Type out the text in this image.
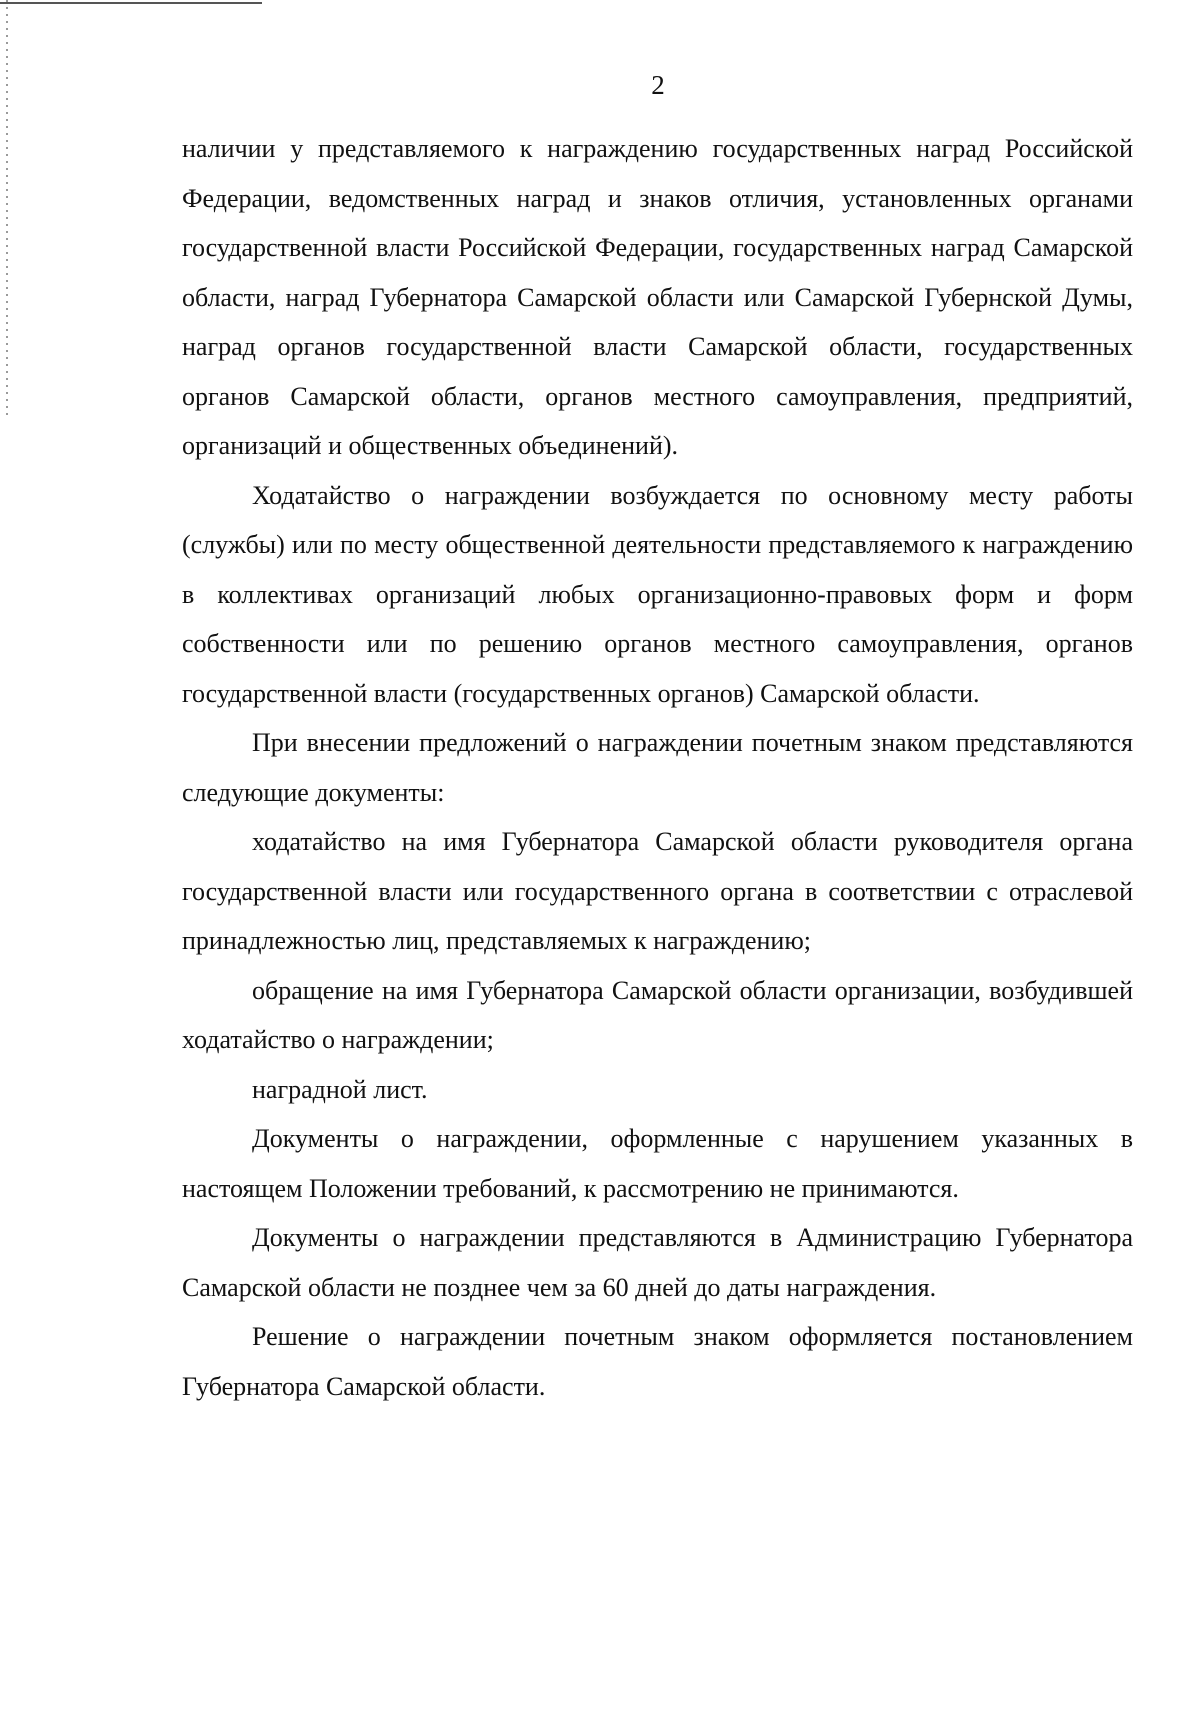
2

наличии у представляемого к награждению государственных наград Российской Федерации, ведомственных наград и знаков отличия, установленных органами государственной власти Российской Федерации, государственных наград Самарской области, наград Губернатора Самарской области или Самарской Губернской Думы, наград органов государственной власти Самарской области, государственных органов Самарской области, органов местного самоуправления, предприятий, организаций и общественных объединений).

Ходатайство о награждении возбуждается по основному месту работы (службы) или по месту общественной деятельности представляемого к награждению в коллективах организаций любых организационно-правовых форм и форм собственности или по решению органов местного самоуправления, органов государственной власти (государственных органов) Самарской области.

При внесении предложений о награждении почетным знаком представляются следующие документы:

ходатайство на имя Губернатора Самарской области руководителя органа государственной власти или государственного органа в соответствии с отраслевой принадлежностью лиц, представляемых к награждению;

обращение на имя Губернатора Самарской области организации, возбудившей ходатайство о награждении;

наградной лист.

Документы о награждении, оформленные с нарушением указанных в настоящем Положении требований, к рассмотрению не принимаются.

Документы о награждении представляются в Администрацию Губернатора Самарской области не позднее чем за 60 дней до даты награждения.

Решение о награждении почетным знаком оформляется постановлением Губернатора Самарской области.
